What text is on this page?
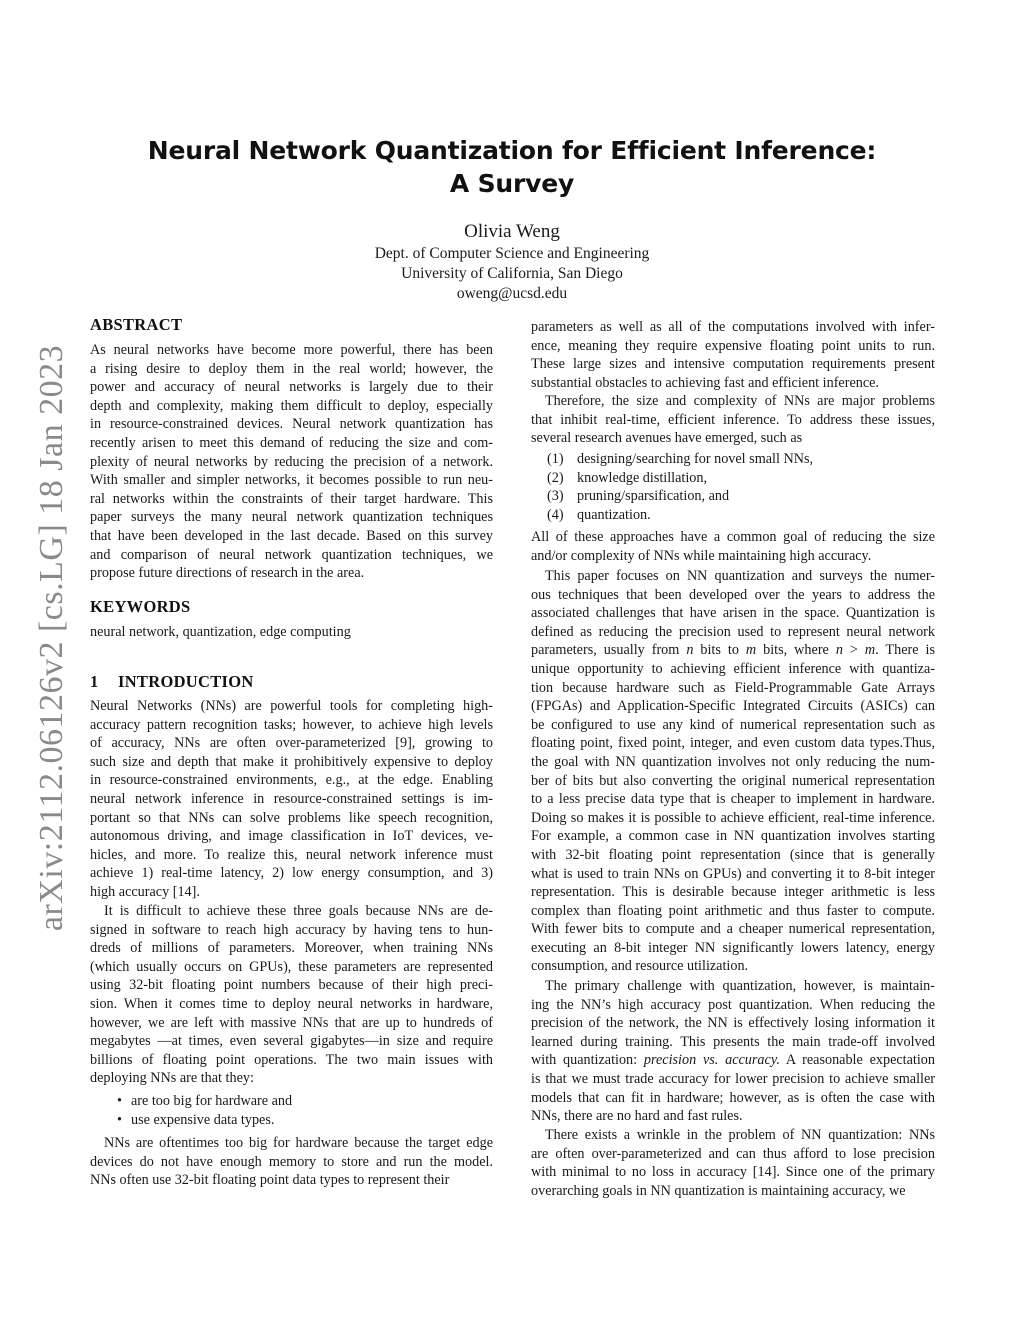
arXiv:2112.06126v2 [cs.LG] 18 Jan 2023
Neural Network Quantization for Efficient Inference:
A Survey
Olivia Weng
Dept. of Computer Science and Engineering
University of California, San Diego
oweng@ucsd.edu
ABSTRACT
As neural networks have become more powerful, there has been
a rising desire to deploy them in the real world; however, the
power and accuracy of neural networks is largely due to their
depth and complexity, making them difficult to deploy, especially
in resource-constrained devices. Neural network quantization has
recently arisen to meet this demand of reducing the size and com-
plexity of neural networks by reducing the precision of a network.
With smaller and simpler networks, it becomes possible to run neu-
ral networks within the constraints of their target hardware. This
paper surveys the many neural network quantization techniques
that have been developed in the last decade. Based on this survey
and comparison of neural network quantization techniques, we
propose future directions of research in the area.
KEYWORDS
neural network, quantization, edge computing
1 INTRODUCTION
Neural Networks (NNs) are powerful tools for completing high-
accuracy pattern recognition tasks; however, to achieve high levels
of accuracy, NNs are often over-parameterized [9], growing to
such size and depth that make it prohibitively expensive to deploy
in resource-constrained environments, e.g., at the edge. Enabling
neural network inference in resource-constrained settings is im-
portant so that NNs can solve problems like speech recognition,
autonomous driving, and image classification in IoT devices, ve-
hicles, and more. To realize this, neural network inference must
achieve 1) real-time latency, 2) low energy consumption, and 3)
high accuracy [14].
It is difficult to achieve these three goals because NNs are de-
signed in software to reach high accuracy by having tens to hun-
dreds of millions of parameters. Moreover, when training NNs
(which usually occurs on GPUs), these parameters are represented
using 32-bit floating point numbers because of their high preci-
sion. When it comes time to deploy neural networks in hardware,
however, we are left with massive NNs that are up to hundreds of
megabytes —at times, even several gigabytes—in size and require
billions of floating point operations. The two main issues with
deploying NNs are that they:
• are too big for hardware and
• use expensive data types.
NNs are oftentimes too big for hardware because the target edge
devices do not have enough memory to store and run the model.
NNs often use 32-bit floating point data types to represent their
parameters as well as all of the computations involved with infer-
ence, meaning they require expensive floating point units to run.
These large sizes and intensive computation requirements present
substantial obstacles to achieving fast and efficient inference.
Therefore, the size and complexity of NNs are major problems
that inhibit real-time, efficient inference. To address these issues,
several research avenues have emerged, such as
(1) designing/searching for novel small NNs,
(2) knowledge distillation,
(3) pruning/sparsification, and
(4) quantization.
All of these approaches have a common goal of reducing the size
and/or complexity of NNs while maintaining high accuracy.
This paper focuses on NN quantization and surveys the numer-
ous techniques that been developed over the years to address the
associated challenges that have arisen in the space. Quantization is
defined as reducing the precision used to represent neural network
parameters, usually from n bits to m bits, where n > m. There is
unique opportunity to achieving efficient inference with quantiza-
tion because hardware such as Field-Programmable Gate Arrays
(FPGAs) and Application-Specific Integrated Circuits (ASICs) can
be configured to use any kind of numerical representation such as
floating point, fixed point, integer, and even custom data types.Thus,
the goal with NN quantization involves not only reducing the num-
ber of bits but also converting the original numerical representation
to a less precise data type that is cheaper to implement in hardware.
Doing so makes it is possible to achieve efficient, real-time inference.
For example, a common case in NN quantization involves starting
with 32-bit floating point representation (since that is generally
what is used to train NNs on GPUs) and converting it to 8-bit integer
representation. This is desirable because integer arithmetic is less
complex than floating point arithmetic and thus faster to compute.
With fewer bits to compute and a cheaper numerical representation,
executing an 8-bit integer NN significantly lowers latency, energy
consumption, and resource utilization.
The primary challenge with quantization, however, is maintain-
ing the NN’s high accuracy post quantization. When reducing the
precision of the network, the NN is effectively losing information it
learned during training. This presents the main trade-off involved
with quantization: precision vs. accuracy. A reasonable expectation
is that we must trade accuracy for lower precision to achieve smaller
models that can fit in hardware; however, as is often the case with
NNs, there are no hard and fast rules.
There exists a wrinkle in the problem of NN quantization: NNs
are often over-parameterized and can thus afford to lose precision
with minimal to no loss in accuracy [14]. Since one of the primary
overarching goals in NN quantization is maintaining accuracy, we
